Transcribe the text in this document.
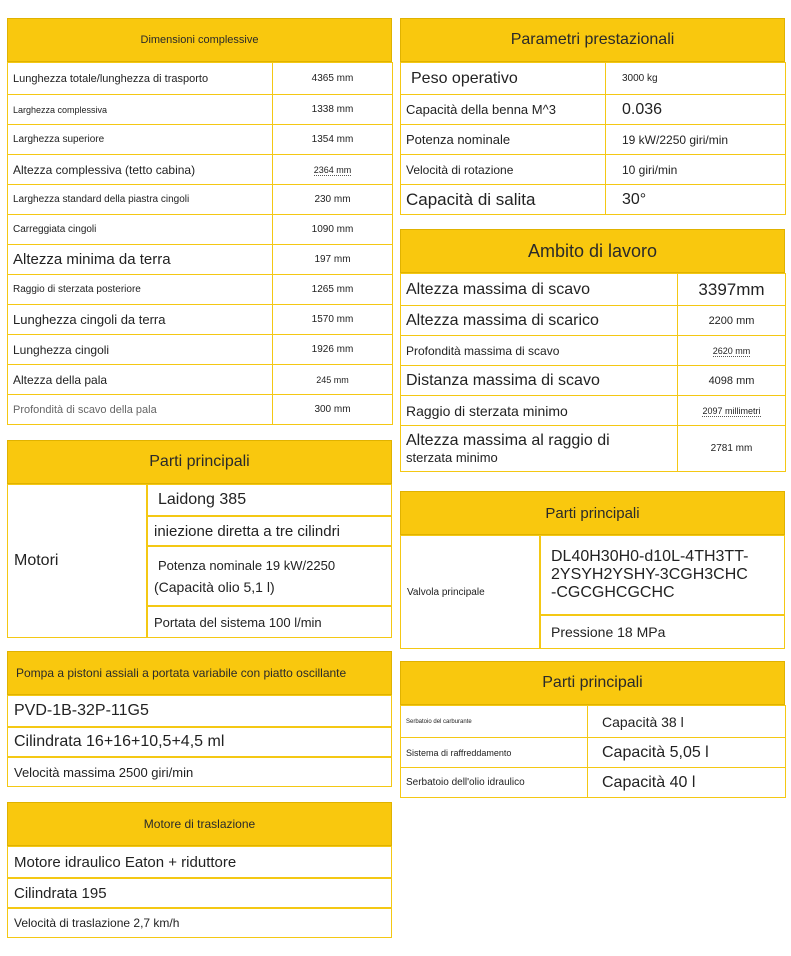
Dimensioni complessive
Lunghezza totale/lunghezza di trasporto	4365 mm
Larghezza complessiva	1338 mm
Larghezza superiore	1354 mm
Altezza complessiva (tetto cabina)	2364 mm
Larghezza standard della piastra cingoli	230 mm
Carreggiata cingoli	1090 mm
Altezza minima da terra	197 mm
Raggio di sterzata posteriore	1265 mm
Lunghezza cingoli da terra	1570 mm
Lunghezza cingoli	1926 mm
Altezza della pala	245 mm
Profondità di scavo della pala	300 mm
Parametri prestazionali
Peso operativo	3000 kg
Capacità della benna M^3	0.036
Potenza nominale	19 kW/2250 giri/min
Velocità di rotazione	10 giri/min
Capacità di salita	30°
Ambito di lavoro
Altezza massima di scavo	3397mm
Altezza massima di scarico	2200 mm
Profondità massima di scavo	2620 mm
Distanza massima di scavo	4098 mm
Raggio di sterzata minimo	2097 millimetri

Altezza massima al raggio di
sterzata minimo	2781 mm
Parti principali
Motori
Laidong 385
iniezione diretta a tre cilindri
Potenza nominale 19 kW/2250
(Capacità olio 5,1 l)
Portata del sistema 100 l/min
Parti principali
Valvola principale
DL40H30H0-d10L-4TH3TT-
2YSYH2YSHY-3CGH3CHC
-CGCGHCGCHC
Pressione 18 MPa
Pompa a pistoni assiali a portata variabile con piatto oscillante
PVD-1B-32P-11G5
Cilindrata 16+16+10,5+4,5 ml
Velocità massima 2500 giri/min
Parti principali
Serbatoio del carburante	Capacità 38 l
Sistema di raffreddamento	Capacità 5,05 l
Serbatoio dell'olio idraulico	Capacità 40 l
Motore di traslazione
Motore idraulico Eaton + riduttore
Cilindrata 195
Velocità di traslazione 2,7 km/h
